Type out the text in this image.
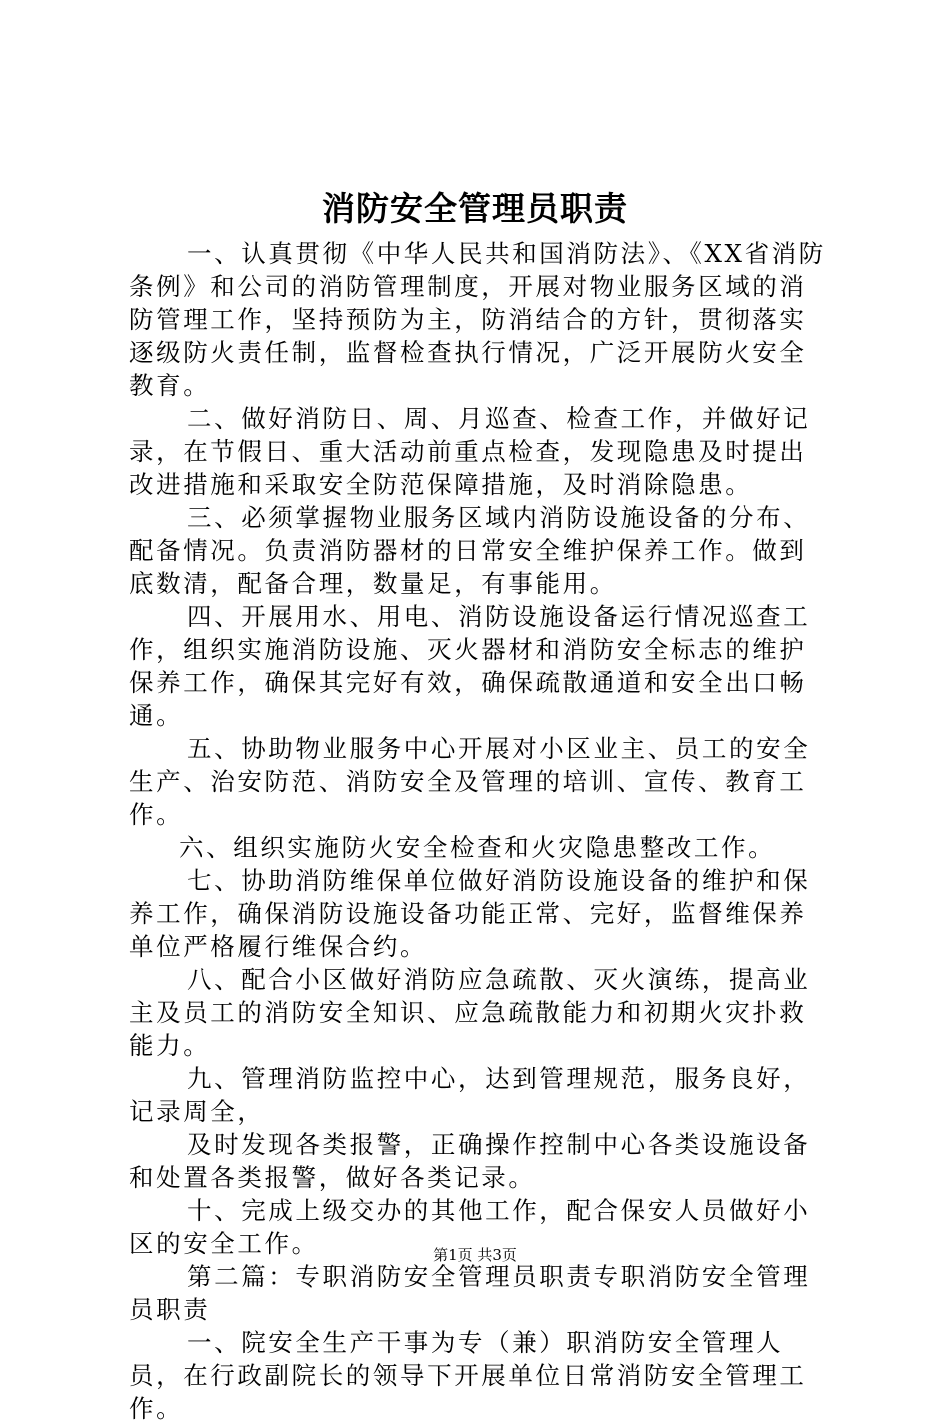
消防安全管理员职责

一、认真贯彻《中华人民共和国消防法》、《XX省消防条例》和公司的消防管理制度，开展对物业服务区域的消防管理工作，坚持预防为主，防消结合的方针，贯彻落实逐级防火责任制，监督检查执行情况，广泛开展防火安全教育。

二、做好消防日、周、月巡查、检查工作，并做好记录，在节假日、重大活动前重点检查，发现隐患及时提出改进措施和采取安全防范保障措施，及时消除隐患。

三、必须掌握物业服务区域内消防设施设备的分布、配备情况。负责消防器材的日常安全维护保养工作。做到底数清，配备合理，数量足，有事能用。

四、开展用水、用电、消防设施设备运行情况巡查工作，组织实施消防设施、灭火器材和消防安全标志的维护保养工作，确保其完好有效，确保疏散通道和安全出口畅通。

五、协助物业服务中心开展对小区业主、员工的安全生产、治安防范、消防安全及管理的培训、宣传、教育工作。

六、组织实施防火安全检查和火灾隐患整改工作。

七、协助消防维保单位做好消防设施设备的维护和保养工作，确保消防设施设备功能正常、完好，监督维保养单位严格履行维保合约。

八、配合小区做好消防应急疏散、灭火演练，提高业主及员工的消防安全知识、应急疏散能力和初期火灾扑救能力。

九、管理消防监控中心，达到管理规范，服务良好，记录周全，

及时发现各类报警，正确操作控制中心各类设施设备和处置各类报警，做好各类记录。

十、完成上级交办的其他工作，配合保安人员做好小区的安全工作。

第二篇：专职消防安全管理员职责专职消防安全管理员职责

一、院安全生产干事为专（兼）职消防安全管理人员，在行政副院长的领导下开展单位日常消防安全管理工作。

第1页 共3页
